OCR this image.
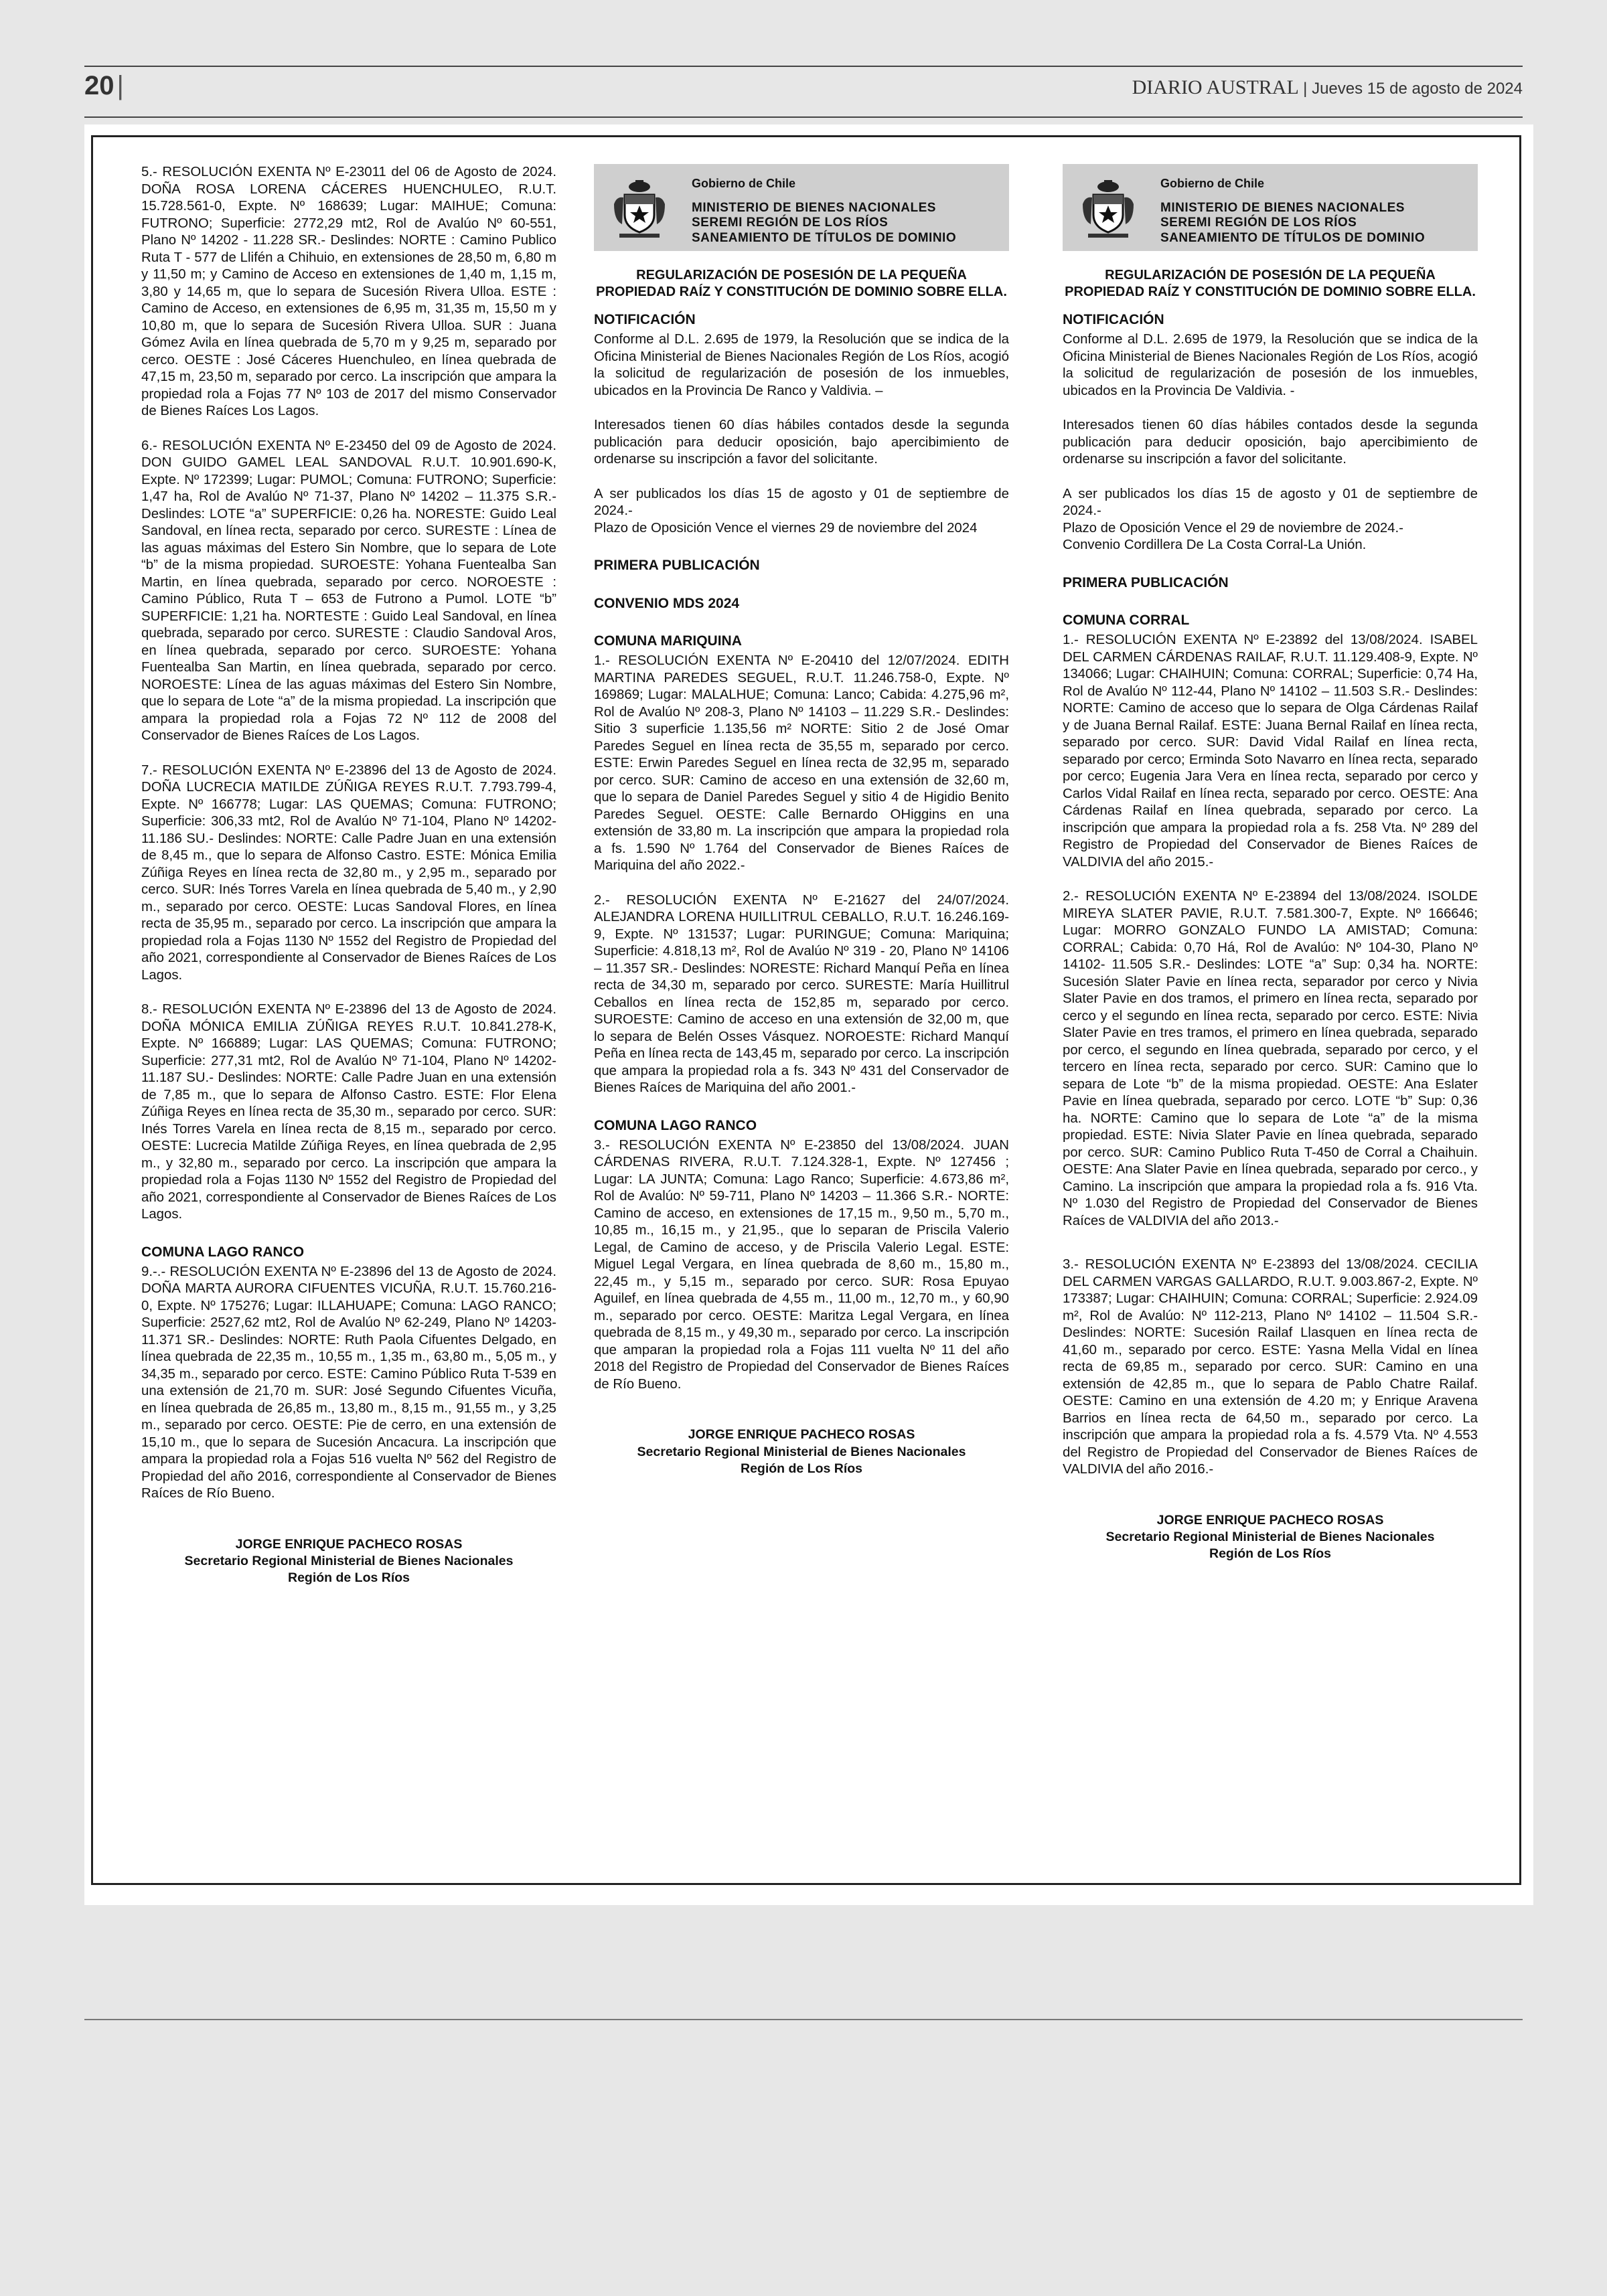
20 |	DIARIO AUSTRAL | Jueves 15 de agosto de 2024

5.- RESOLUCIÓN EXENTA Nº E-23011 del 06 de Agosto de 2024. DOÑA ROSA LORENA CÁCERES HUENCHULEO, R.U.T. 15.728.561-0, Expte. Nº 168639; Lugar: MAIHUE; Comuna: FUTRONO; Superficie: 2772,29 mt2, Rol de Avalúo Nº 60-551, Plano Nº 14202 - 11.228 SR.- Deslindes: NORTE : Camino Publico Ruta T - 577 de Llifén a Chihuio, en extensiones de 28,50 m, 6,80 m y 11,50 m; y Camino de Acceso en extensiones de 1,40 m, 1,15 m, 3,80 y 14,65 m, que lo separa de Sucesión Rivera Ulloa. ESTE : Camino de Acceso, en extensiones de 6,95 m, 31,35 m, 15,50 m y 10,80 m, que lo separa de Sucesión Rivera Ulloa. SUR : Juana Gómez Avila en línea quebrada de 5,70 m y 9,25 m, separado por cerco. OESTE : José Cáceres Huenchuleo, en línea quebrada de 47,15 m, 23,50 m, separado por cerco. La inscripción que ampara la propiedad rola a Fojas 77 Nº 103 de 2017 del mismo Conservador de Bienes Raíces Los Lagos.

6.- RESOLUCIÓN EXENTA Nº E-23450 del 09 de Agosto de 2024. DON GUIDO GAMEL LEAL SANDOVAL R.U.T. 10.901.690-K, Expte. Nº 172399; Lugar: PUMOL; Comuna: FUTRONO; Superficie: 1,47 ha, Rol de Avalúo Nº 71-37, Plano Nº 14202 – 11.375 S.R.- Deslindes: LOTE “a” SUPERFICIE: 0,26 ha. NORESTE: Guido Leal Sandoval, en línea recta, separado por cerco. SURESTE : Línea de las aguas máximas del Estero Sin Nombre, que lo separa de Lote “b” de la misma propiedad. SUROESTE: Yohana Fuentealba San Martin, en línea quebrada, separado por cerco. NOROESTE : Camino Público, Ruta T – 653 de Futrono a Pumol. LOTE “b” SUPERFICIE: 1,21 ha. NORTESTE : Guido Leal Sandoval, en línea quebrada, separado por cerco. SURESTE : Claudio Sandoval Aros, en línea quebrada, separado por cerco. SUROESTE: Yohana Fuentealba San Martin, en línea quebrada, separado por cerco. NOROESTE: Línea de las aguas máximas del Estero Sin Nombre, que lo separa de Lote “a” de la misma propiedad. La inscripción que ampara la propiedad rola a Fojas 72 Nº 112 de 2008 del Conservador de Bienes Raíces de Los Lagos.

7.- RESOLUCIÓN EXENTA Nº E-23896 del 13 de Agosto de 2024. DOÑA LUCRECIA MATILDE ZÚÑIGA REYES R.U.T. 7.793.799-4, Expte. Nº 166778; Lugar: LAS QUEMAS; Comuna: FUTRONO; Superficie: 306,33 mt2, Rol de Avalúo Nº 71-104, Plano Nº 14202-11.186 SU.- Deslindes: NORTE: Calle Padre Juan en una extensión de 8,45 m., que lo separa de Alfonso Castro. ESTE: Mónica Emilia Zúñiga Reyes en línea recta de 32,80 m., y 2,95 m., separado por cerco. SUR: Inés Torres Varela en línea quebrada de 5,40 m., y 2,90 m., separado por cerco. OESTE: Lucas Sandoval Flores, en línea recta de 35,95 m., separado por cerco. La inscripción que ampara la propiedad rola a Fojas 1130 Nº 1552 del Registro de Propiedad del año 2021, correspondiente al Conservador de Bienes Raíces de Los Lagos.

8.- RESOLUCIÓN EXENTA Nº E-23896 del 13 de Agosto de 2024. DOÑA MÓNICA EMILIA ZÚÑIGA REYES R.U.T. 10.841.278-K, Expte. Nº 166889; Lugar: LAS QUEMAS; Comuna: FUTRONO; Superficie: 277,31 mt2, Rol de Avalúo Nº 71-104, Plano Nº 14202-11.187 SU.- Deslindes: NORTE: Calle Padre Juan en una extensión de 7,85 m., que lo separa de Alfonso Castro. ESTE: Flor Elena Zúñiga Reyes en línea recta de 35,30 m., separado por cerco. SUR: Inés Torres Varela en línea recta de 8,15 m., separado por cerco. OESTE: Lucrecia Matilde Zúñiga Reyes, en línea quebrada de 2,95 m., y 32,80 m., separado por cerco. La inscripción que ampara la propiedad rola a Fojas 1130 Nº 1552 del Registro de Propiedad del año 2021, correspondiente al Conservador de Bienes Raíces de Los Lagos.

COMUNA LAGO RANCO

9.-.- RESOLUCIÓN EXENTA Nº E-23896 del 13 de Agosto de 2024. DOÑA MARTA AURORA CIFUENTES VICUÑA, R.U.T. 15.760.216-0, Expte. Nº 175276; Lugar: ILLAHUAPE; Comuna: LAGO RANCO; Superficie: 2527,62 mt2, Rol de Avalúo Nº 62-249, Plano Nº 14203-11.371 SR.- Deslindes: NORTE: Ruth Paola Cifuentes Delgado, en línea quebrada de 22,35 m., 10,55 m., 1,35 m., 63,80 m., 5,05 m., y 34,35 m., separado por cerco. ESTE: Camino Público Ruta T-539 en una extensión de 21,70 m. SUR: José Segundo Cifuentes Vicuña, en línea quebrada de 26,85 m., 13,80 m., 8,15 m., 91,55 m., y 3,25 m., separado por cerco. OESTE: Pie de cerro, en una extensión de 15,10 m., que lo separa de Sucesión Ancacura. La inscripción que ampara la propiedad rola a Fojas 516 vuelta Nº 562 del Registro de Propiedad del año 2016, correspondiente al Conservador de Bienes Raíces de Río Bueno.

JORGE ENRIQUE PACHECO ROSAS
Secretario Regional Ministerial de Bienes Nacionales
Región de Los Ríos
Gobierno de Chile
MINISTERIO DE BIENES NACIONALES
SEREMI REGIÓN DE LOS RÍOS
SANEAMIENTO DE TÍTULOS DE DOMINIO
REGULARIZACIÓN DE POSESIÓN DE LA PEQUEÑA
PROPIEDAD RAÍZ Y CONSTITUCIÓN DE DOMINIO SOBRE ELLA.
NOTIFICACIÓN

Conforme al D.L. 2.695 de 1979, la Resolución que se indica de la Oficina Ministerial de Bienes Nacionales Región de Los Ríos, acogió la solicitud de regularización de posesión de los inmuebles, ubicados en la Provincia De Ranco y Valdivia. –

Interesados tienen 60 días hábiles contados desde la segunda publicación para deducir oposición, bajo apercibimiento de ordenarse su inscripción a favor del solicitante.

A ser publicados los días 15 de agosto y 01 de septiembre de 2024.-

Plazo de Oposición Vence el viernes 29 de noviembre del 2024

PRIMERA PUBLICACIÓN
CONVENIO MDS 2024
COMUNA MARIQUINA

1.- RESOLUCIÓN EXENTA Nº E-20410 del 12/07/2024. EDITH MARTINA PAREDES SEGUEL, R.U.T. 11.246.758-0, Expte. Nº 169869; Lugar: MALALHUE; Comuna: Lanco; Cabida: 4.275,96 m², Rol de Avalúo Nº 208-3, Plano Nº 14103 – 11.229 S.R.- Deslindes: Sitio 3 superficie 1.135,56 m² NORTE: Sitio 2 de José Omar Paredes Seguel en línea recta de 35,55 m, separado por cerco. ESTE: Erwin Paredes Seguel en línea recta de 32,95 m, separado por cerco. SUR: Camino de acceso en una extensión de 32,60 m, que lo separa de Daniel Paredes Seguel y sitio 4 de Higidio Benito Paredes Seguel. OESTE: Calle Bernardo OHiggins en una extensión de 33,80 m. La inscripción que ampara la propiedad rola a fs. 1.590 Nº 1.764 del Conservador de Bienes Raíces de Mariquina del año 2022.-

2.- RESOLUCIÓN EXENTA Nº E-21627 del 24/07/2024. ALEJANDRA LORENA HUILLITRUL CEBALLO, R.U.T. 16.246.169-9, Expte. Nº 131537; Lugar: PURINGUE; Comuna: Mariquina; Superficie: 4.818,13 m², Rol de Avalúo Nº 319 - 20, Plano Nº 14106 – 11.357 SR.- Deslindes: NORESTE: Richard Manquí Peña en línea recta de 34,30 m, separado por cerco. SURESTE: María Huillitrul Ceballos en línea recta de 152,85 m, separado por cerco. SUROESTE: Camino de acceso en una extensión de 32,00 m, que lo separa de Belén Osses Vásquez. NOROESTE: Richard Manquí Peña en línea recta de 143,45 m, separado por cerco. La inscripción que ampara la propiedad rola a fs. 343 Nº 431 del Conservador de Bienes Raíces de Mariquina del año 2001.-

COMUNA LAGO RANCO

3.- RESOLUCIÓN EXENTA Nº E-23850 del 13/08/2024. JUAN CÁRDENAS RIVERA, R.U.T. 7.124.328-1, Expte. Nº 127456 ; Lugar: LA JUNTA; Comuna: Lago Ranco; Superficie: 4.673,86 m², Rol de Avalúo: Nº 59-711, Plano Nº 14203 – 11.366 S.R.- NORTE: Camino de acceso, en extensiones de 17,15 m., 9,50 m., 5,70 m., 10,85 m., 16,15 m., y 21,95., que lo separan de Priscila Valerio Legal, de Camino de acceso, y de Priscila Valerio Legal. ESTE: Miguel Legal Vergara, en línea quebrada de 8,60 m., 15,80 m., 22,45 m., y 5,15 m., separado por cerco. SUR: Rosa Epuyao Aguilef, en línea quebrada de 4,55 m., 11,00 m., 12,70 m., y 60,90 m., separado por cerco. OESTE: Maritza Legal Vergara, en línea quebrada de 8,15 m., y 49,30 m., separado por cerco. La inscripción que amparan la propiedad rola a Fojas 111 vuelta Nº 11 del año 2018 del Registro de Propiedad del Conservador de Bienes Raíces de Río Bueno.

JORGE ENRIQUE PACHECO ROSAS
Secretario Regional Ministerial de Bienes Nacionales
Región de Los Ríos
Gobierno de Chile
MINISTERIO DE BIENES NACIONALES
SEREMI REGIÓN DE LOS RÍOS
SANEAMIENTO DE TÍTULOS DE DOMINIO
REGULARIZACIÓN DE POSESIÓN DE LA PEQUEÑA
PROPIEDAD RAÍZ Y CONSTITUCIÓN DE DOMINIO SOBRE ELLA.
NOTIFICACIÓN

Conforme al D.L. 2.695 de 1979, la Resolución que se indica de la Oficina Ministerial de Bienes Nacionales Región de Los Ríos, acogió la solicitud de regularización de posesión de los inmuebles, ubicados en la Provincia De Valdivia. -

Interesados tienen 60 días hábiles contados desde la segunda publicación para deducir oposición, bajo apercibimiento de ordenarse su inscripción a favor del solicitante.

A ser publicados los días 15 de agosto y 01 de septiembre de 2024.-

Plazo de Oposición Vence el 29 de noviembre de 2024.-

Convenio Cordillera De La Costa Corral-La Unión.

PRIMERA PUBLICACIÓN
COMUNA CORRAL

1.- RESOLUCIÓN EXENTA Nº E-23892 del 13/08/2024. ISABEL DEL CARMEN CÁRDENAS RAILAF, R.U.T. 11.129.408-9, Expte. Nº 134066; Lugar: CHAIHUIN; Comuna: CORRAL; Superficie: 0,74 Ha, Rol de Avalúo Nº 112-44, Plano Nº 14102 – 11.503 S.R.- Deslindes: NORTE: Camino de acceso que lo separa de Olga Cárdenas Railaf y de Juana Bernal Railaf. ESTE: Juana Bernal Railaf en línea recta, separado por cerco. SUR: David Vidal Railaf en línea recta, separado por cerco; Erminda Soto Navarro en línea recta, separado por cerco; Eugenia Jara Vera en línea recta, separado por cerco y Carlos Vidal Railaf en línea recta, separado por cerco. OESTE: Ana Cárdenas Railaf en línea quebrada, separado por cerco. La inscripción que ampara la propiedad rola a fs. 258 Vta. Nº 289 del Registro de Propiedad del Conservador de Bienes Raíces de VALDIVIA del año 2015.-

2.- RESOLUCIÓN EXENTA Nº E-23894 del 13/08/2024. ISOLDE MIREYA SLATER PAVIE, R.U.T. 7.581.300-7, Expte. Nº 166646; Lugar: MORRO GONZALO FUNDO LA AMISTAD; Comuna: CORRAL; Cabida: 0,70 Há, Rol de Avalúo: Nº 104-30, Plano Nº 14102- 11.505 S.R.- Deslindes: LOTE “a” Sup: 0,34 ha. NORTE: Sucesión Slater Pavie en línea recta, separador por cerco y Nivia Slater Pavie en dos tramos, el primero en línea recta, separado por cerco y el segundo en línea recta, separado por cerco. ESTE: Nivia Slater Pavie en tres tramos, el primero en línea quebrada, separado por cerco, el segundo en línea quebrada, separado por cerco, y el tercero en línea recta, separado por cerco. SUR: Camino que lo separa de Lote “b” de la misma propiedad. OESTE: Ana Eslater Pavie en línea quebrada, separado por cerco. LOTE “b” Sup: 0,36 ha. NORTE: Camino que lo separa de Lote “a” de la misma propiedad. ESTE: Nivia Slater Pavie en línea quebrada, separado por cerco. SUR: Camino Publico Ruta T-450 de Corral a Chaihuin. OESTE: Ana Slater Pavie en línea quebrada, separado por cerco., y Camino. La inscripción que ampara la propiedad rola a fs. 916 Vta. Nº 1.030 del Registro de Propiedad del Conservador de Bienes Raíces de VALDIVIA del año 2013.-

3.- RESOLUCIÓN EXENTA Nº E-23893 del 13/08/2024. CECILIA DEL CARMEN VARGAS GALLARDO, R.U.T. 9.003.867-2, Expte. Nº 173387; Lugar: CHAIHUIN; Comuna: CORRAL; Superficie: 2.924.09 m², Rol de Avalúo: Nº 112-213, Plano Nº 14102 – 11.504 S.R.- Deslindes: NORTE: Sucesión Railaf Llasquen en línea recta de 41,60 m., separado por cerco. ESTE: Yasna Mella Vidal en línea recta de 69,85 m., separado por cerco. SUR: Camino en una extensión de 42,85 m., que lo separa de Pablo Chatre Railaf. OESTE: Camino en una extensión de 4.20 m; y Enrique Aravena Barrios en línea recta de 64,50 m., separado por cerco. La inscripción que ampara la propiedad rola a fs. 4.579 Vta. Nº 4.553 del Registro de Propiedad del Conservador de Bienes Raíces de VALDIVIA del año 2016.-

JORGE ENRIQUE PACHECO ROSAS
Secretario Regional Ministerial de Bienes Nacionales
Región de Los Ríos
